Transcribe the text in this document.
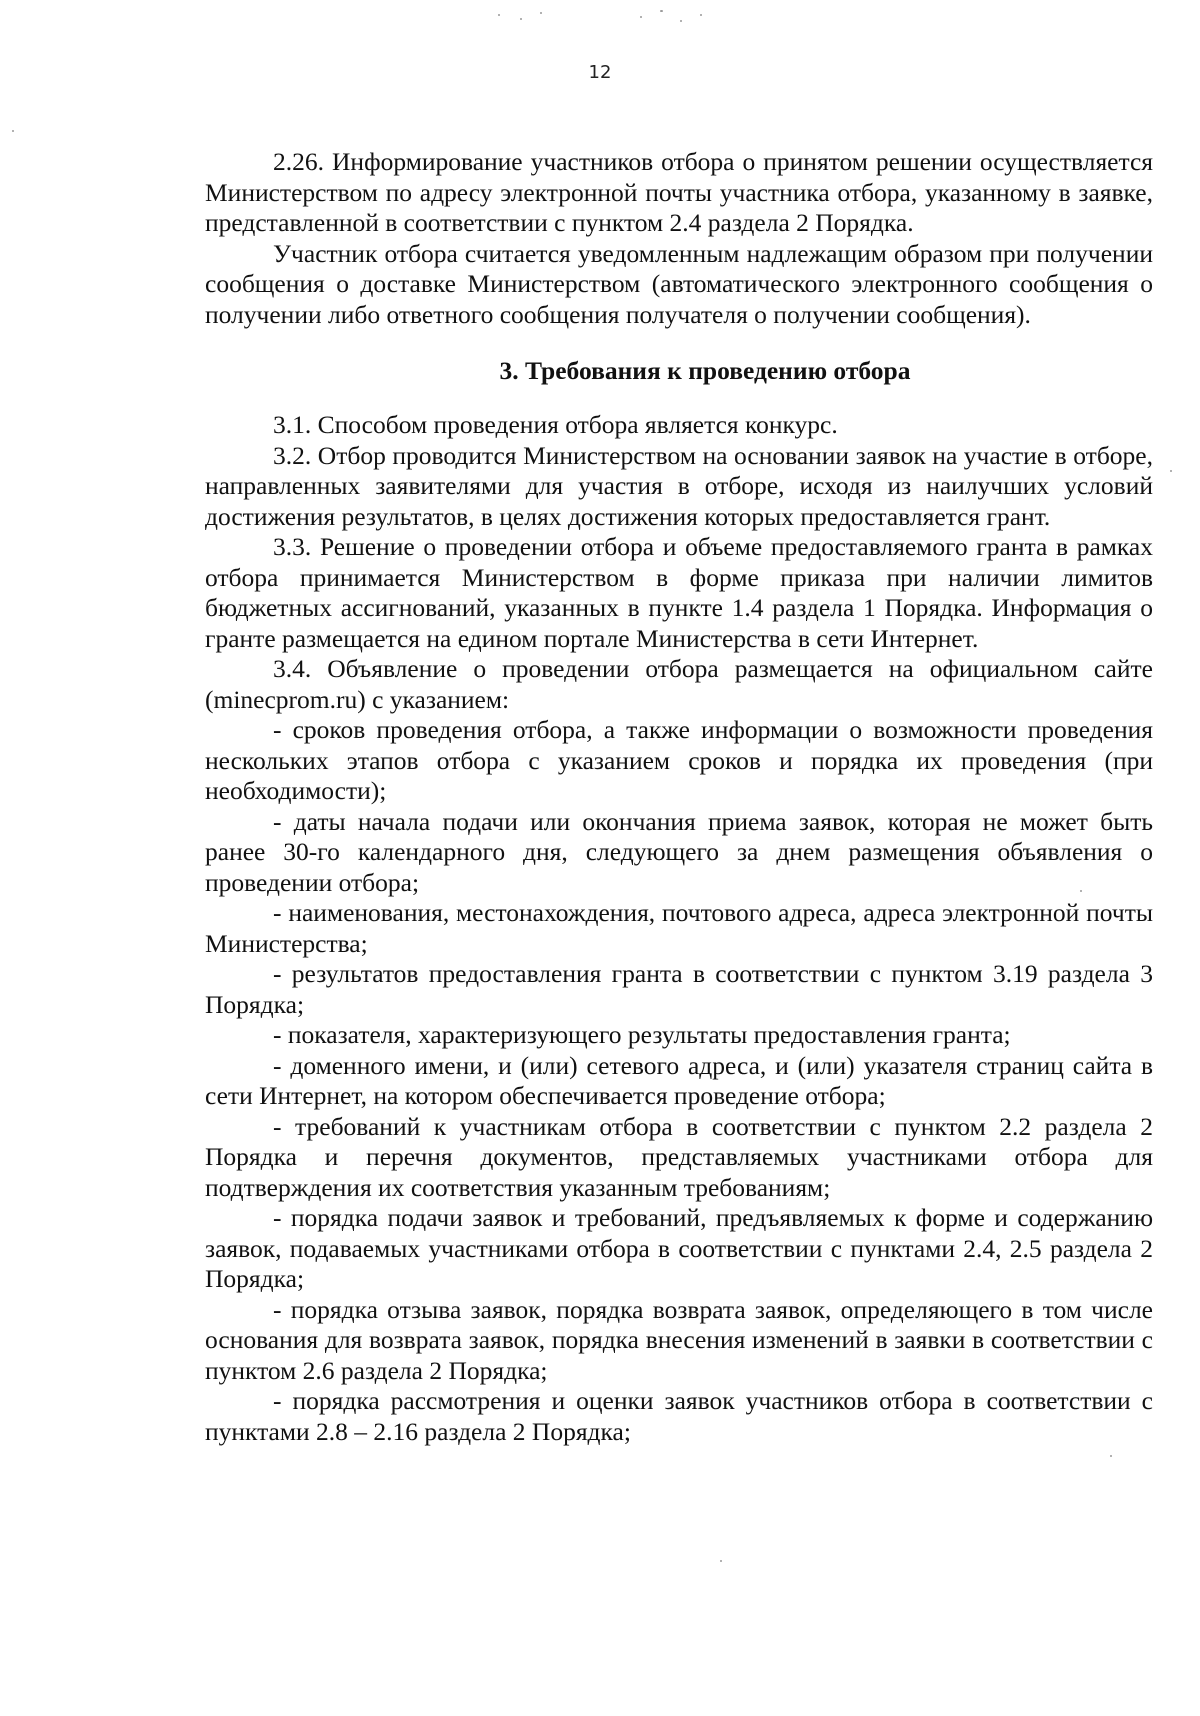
12

2.26. Информирование участников отбора о принятом решении осуществляется Министерством по адресу электронной почты участника отбора, указанному в заявке, представленной в соответствии с пунктом 2.4 раздела 2 Порядка.

Участник отбора считается уведомленным надлежащим образом при получении сообщения о доставке Министерством (автоматического электронного сообщения о получении либо ответного сообщения получателя о получении сообщения).

3. Требования к проведению отбора

3.1. Способом проведения отбора является конкурс.

3.2. Отбор проводится Министерством на основании заявок на участие в отборе, направленных заявителями для участия в отборе, исходя из наилучших условий достижения результатов, в целях достижения которых предоставляется грант.

3.3. Решение о проведении отбора и объеме предоставляемого гранта в рамках отбора принимается Министерством в форме приказа при наличии лимитов бюджетных ассигнований, указанных в пункте 1.4 раздела 1 Порядка. Информация о гранте размещается на едином портале Министерства в сети Интернет.

3.4. Объявление о проведении отбора размещается на официальном сайте (minecprom.ru) с указанием:

- сроков проведения отбора, а также информации о возможности проведения нескольких этапов отбора с указанием сроков и порядка их проведения (при необходимости);

- даты начала подачи или окончания приема заявок, которая не может быть ранее 30-го календарного дня, следующего за днем размещения объявления о проведении отбора;

- наименования, местонахождения, почтового адреса, адреса электронной почты Министерства;

- результатов предоставления гранта в соответствии с пунктом 3.19 раздела 3 Порядка;

- показателя, характеризующего результаты предоставления гранта;

- доменного имени, и (или) сетевого адреса, и (или) указателя страниц сайта в сети Интернет, на котором обеспечивается проведение отбора;

- требований к участникам отбора в соответствии с пунктом 2.2 раздела 2 Порядка и перечня документов, представляемых участниками отбора для подтверждения их соответствия указанным требованиям;

- порядка подачи заявок и требований, предъявляемых к форме и содержанию заявок, подаваемых участниками отбора в соответствии с пунктами 2.4, 2.5 раздела 2 Порядка;

- порядка отзыва заявок, порядка возврата заявок, определяющего в том числе основания для возврата заявок, порядка внесения изменений в заявки в соответствии с пунктом 2.6 раздела 2 Порядка;

- порядка рассмотрения и оценки заявок участников отбора в соответствии с пунктами 2.8 – 2.16 раздела 2 Порядка;
